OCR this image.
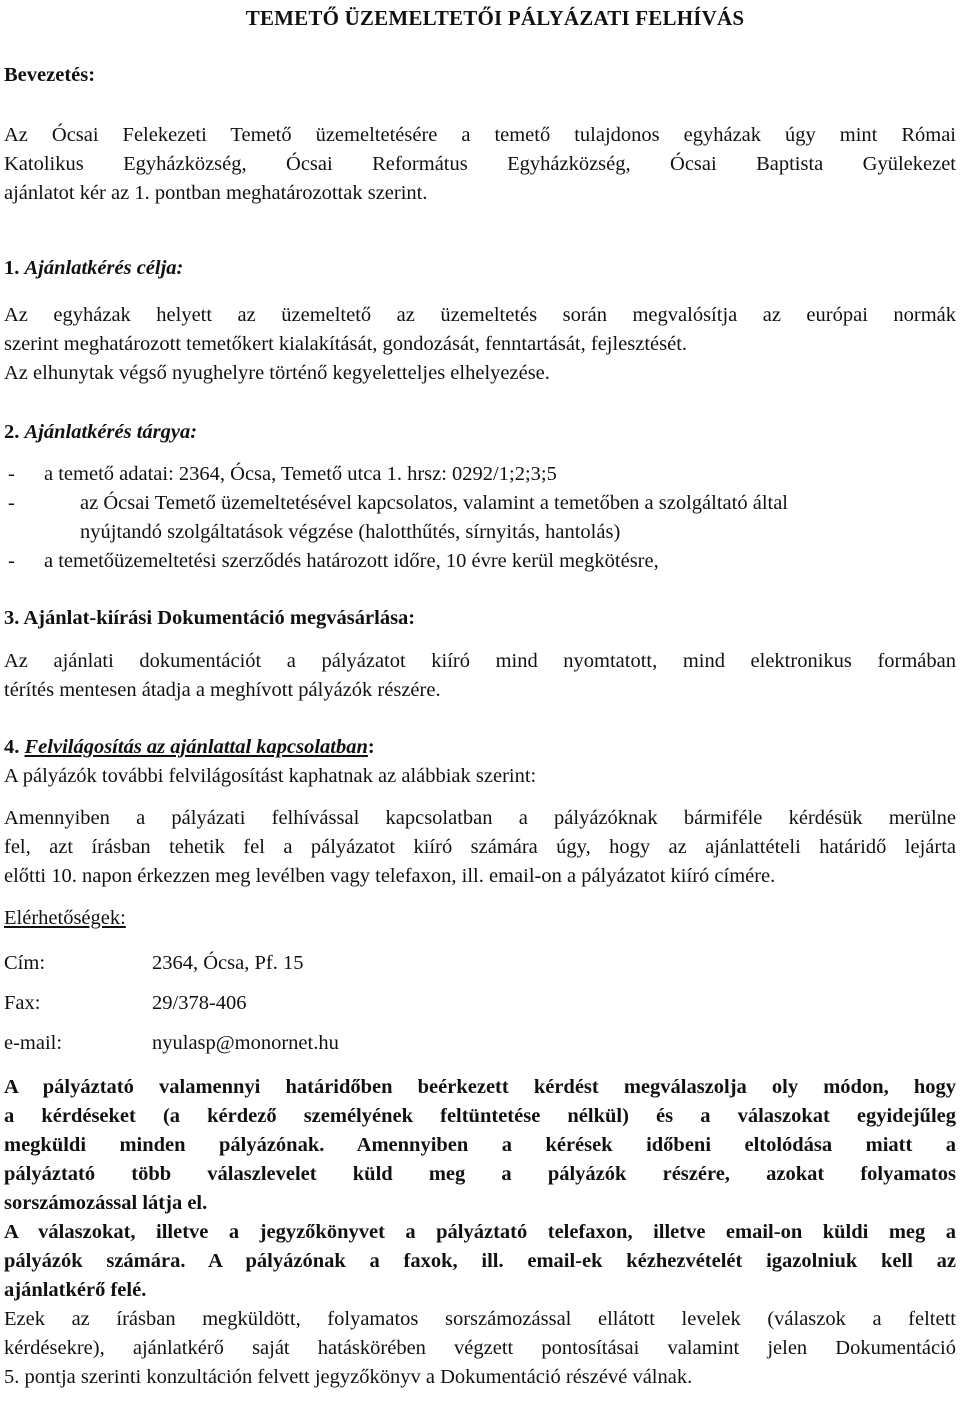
TEMETŐ ÜZEMELTETŐI PÁLYÁZATI FELHÍVÁS

Bevezetés:

Az Ócsai Felekezeti Temető üzemeltetésére a temető tulajdonos egyházak úgy mint Római

Katolikus Egyházközség, Ócsai Református Egyházközség, Ócsai Baptista Gyülekezet

ajánlatot kér az 1. pontban meghatározottak szerint.

1. Ajánlatkérés célja:

Az egyházak helyett az üzemeltető az üzemeltetés során megvalósítja az európai normák

szerint meghatározott temetőkert kialakítását, gondozását, fenntartását, fejlesztését.

Az elhunytak végső nyughelyre történő kegyeletteljes elhelyezése.

2. Ajánlatkérés tárgya:

-	a temető adatai: 2364, Ócsa, Temető utca 1. hrsz: 0292/1;2;3;5
-	az Ócsai Temető üzemeltetésével kapcsolatos, valamint a temetőben a szolgáltató által
nyújtandó szolgáltatások végzése (halotthűtés, sírnyitás, hantolás)
-	a temetőüzemeltetési szerződés határozott időre, 10 évre kerül megkötésre,

3. Ajánlat-kiírási Dokumentáció megvásárlása:

Az ajánlati dokumentációt a pályázatot kiíró mind nyomtatott, mind elektronikus formában

térítés mentesen átadja a meghívott pályázók részére.

4. Felvilágosítás az ajánlattal kapcsolatban:

A pályázók további felvilágosítást kaphatnak az alábbiak szerint:

Amennyiben a pályázati felhívással kapcsolatban a pályázóknak bármiféle kérdésük merülne

fel, azt írásban tehetik fel a pályázatot kiíró számára úgy, hogy az ajánlattételi határidő lejárta

előtti 10. napon érkezzen meg levélben vagy telefaxon, ill. email-on a pályázatot kiíró címére.

Elérhetőségek:

Cím:	2364, Ócsa, Pf. 15
Fax:	29/378-406
e-mail:	nyulasp@monornet.hu

A pályáztató valamennyi határidőben beérkezett kérdést megválaszolja oly módon, hogy

a kérdéseket (a kérdező személyének feltüntetése nélkül) és a válaszokat egyidejűleg

megküldi minden pályázónak. Amennyiben a kérések időbeni eltolódása miatt a

pályáztató több válaszlevelet küld meg a pályázók részére, azokat folyamatos

sorszámozással látja el.

A válaszokat, illetve a jegyzőkönyvet a pályáztató telefaxon, illetve email-on küldi meg a

pályázók számára. A pályázónak a faxok, ill. email-ek kézhezvételét igazolniuk kell az

ajánlatkérő felé.

Ezek az írásban megküldött, folyamatos sorszámozással ellátott levelek (válaszok a feltett

kérdésekre), ajánlatkérő saját hatáskörében végzett pontosításai valamint jelen Dokumentáció

5. pontja szerinti konzultáción felvett jegyzőkönyv a Dokumentáció részévé válnak.
